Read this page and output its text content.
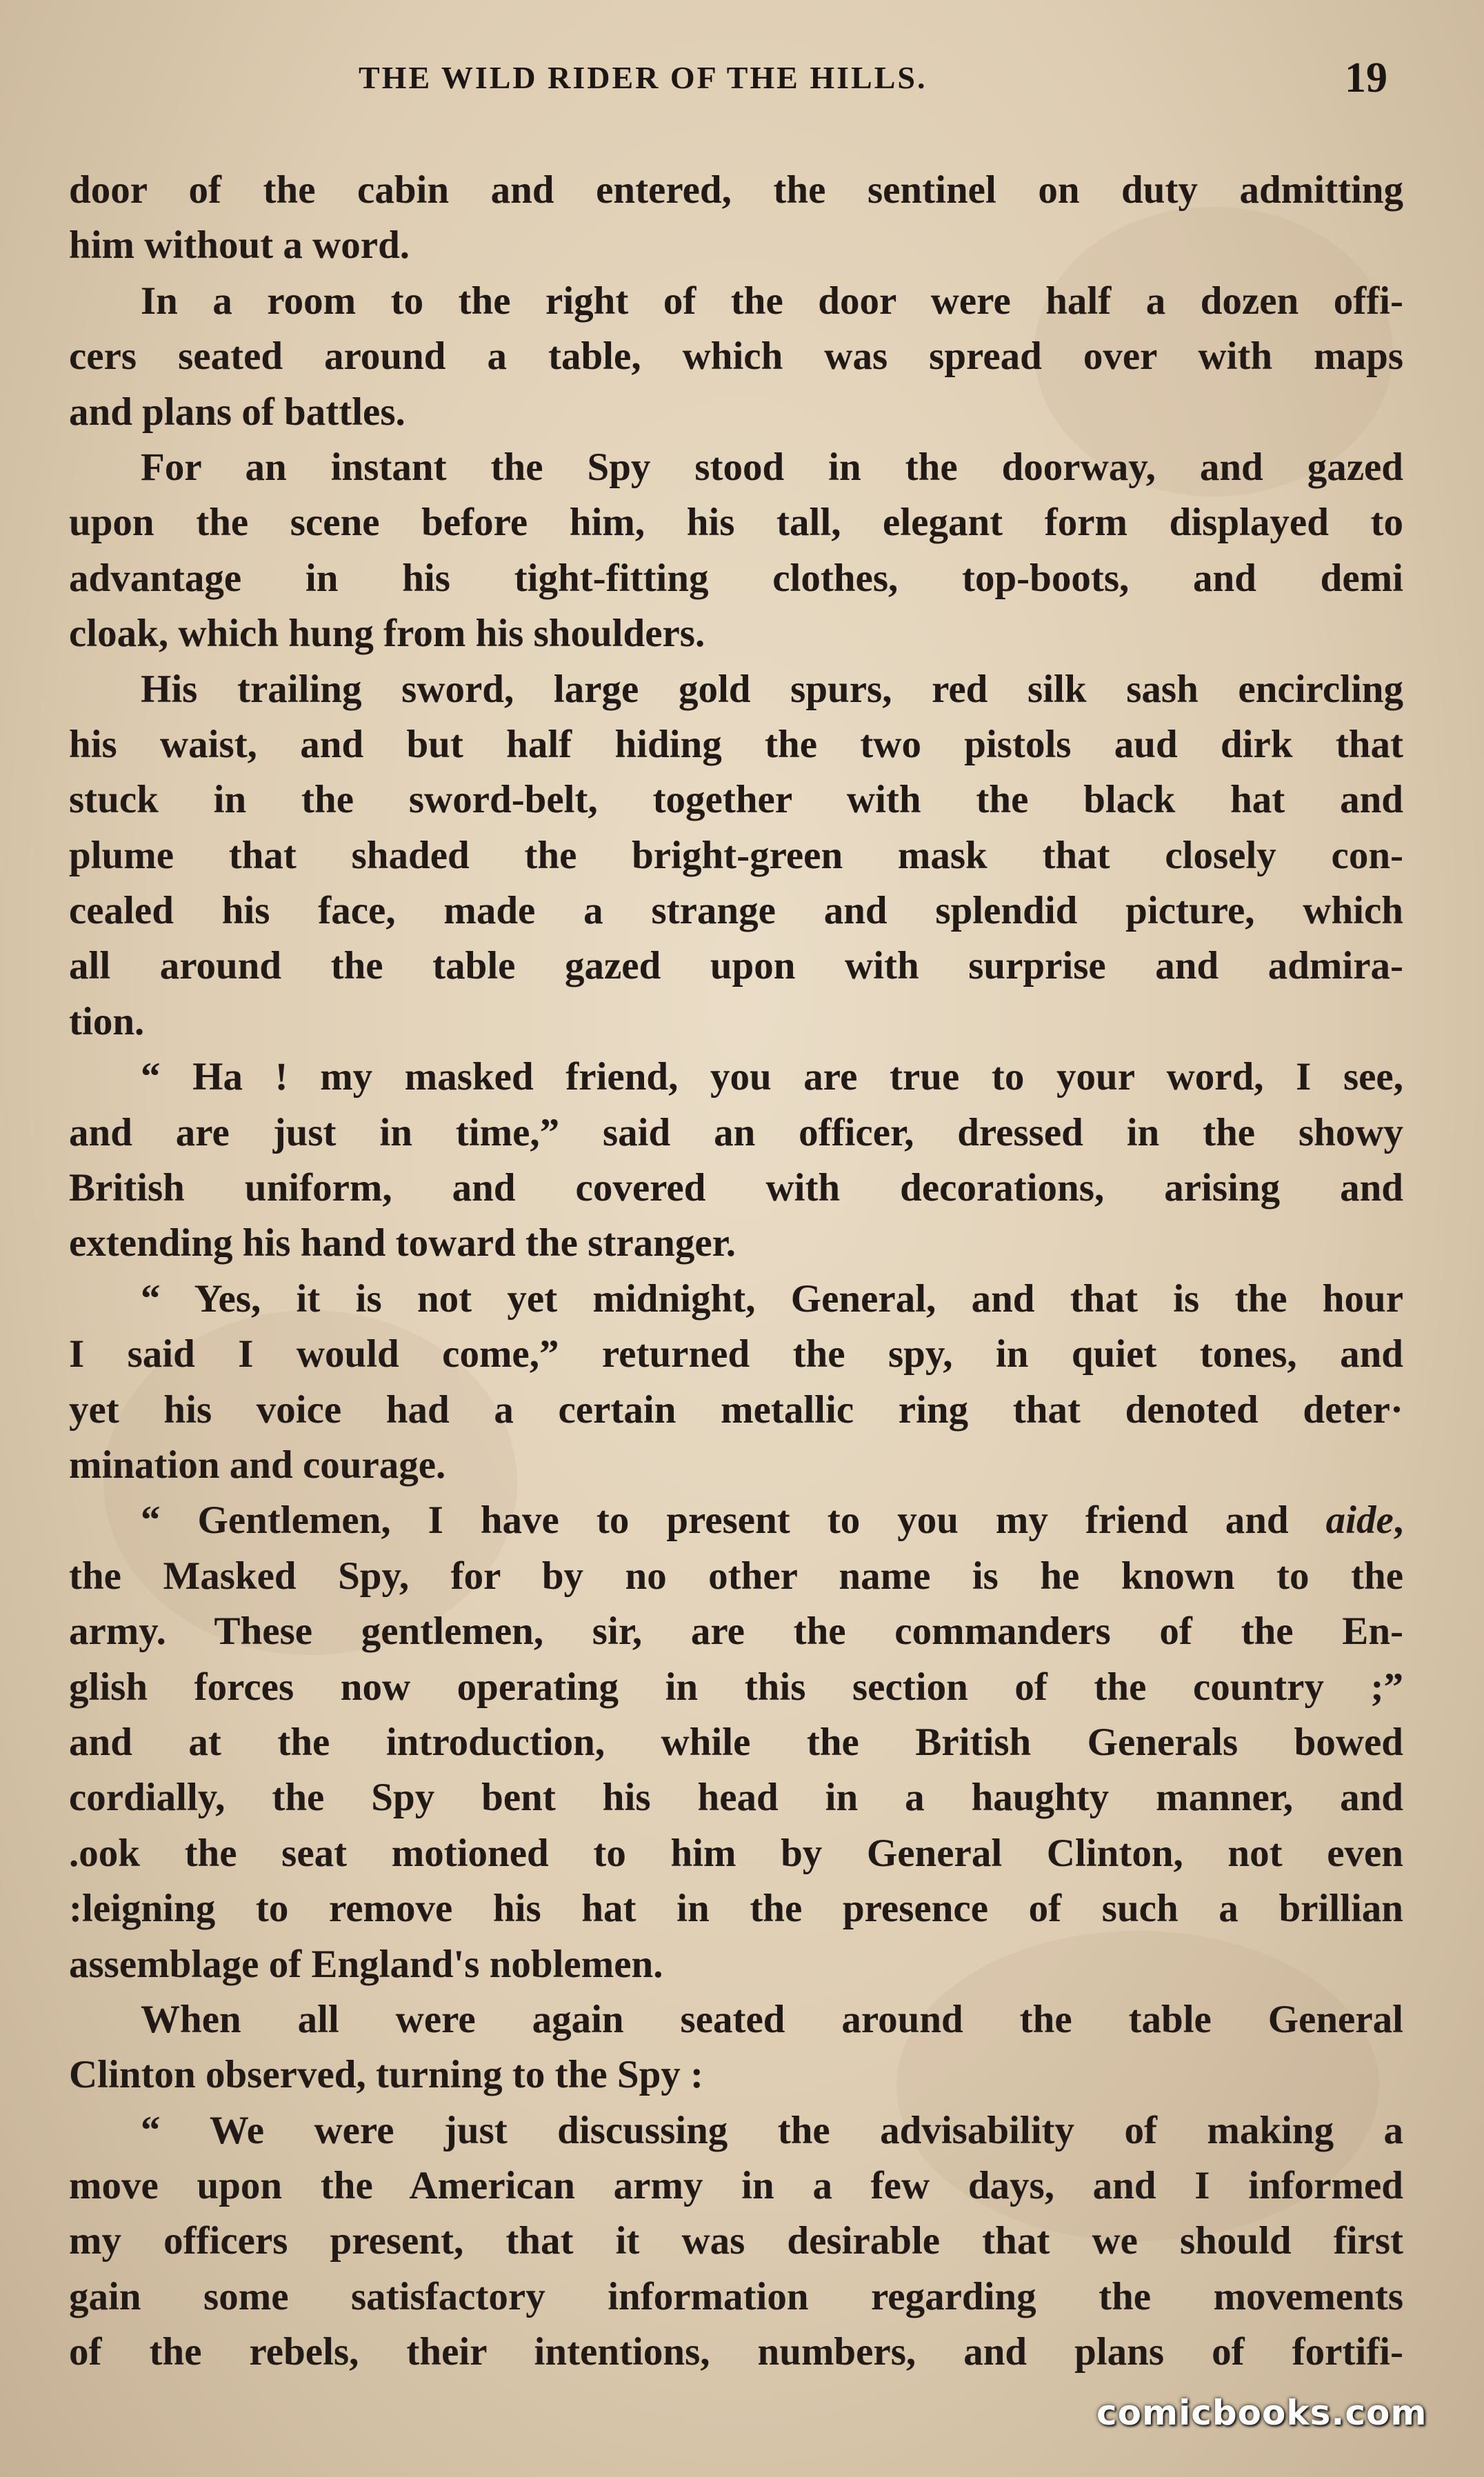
THE WILD RIDER OF THE HILLS.	19
door of the cabin and entered, the sentinel on duty admitting
him without a word.
In a room to the right of the door were half a dozen offi-
cers seated around a table, which was spread over with maps
and plans of battles.
For an instant the Spy stood in the doorway, and gazed
upon the scene before him, his tall, elegant form displayed to
advantage in his tight-fitting clothes, top-boots, and demi
cloak, which hung from his shoulders.
His trailing sword, large gold spurs, red silk sash encircling
his waist, and but half hiding the two pistols aud dirk that
stuck in the sword-belt, together with the black hat and
plume that shaded the bright-green mask that closely con-
cealed his face, made a strange and splendid picture, which
all around the table gazed upon with surprise and admira-
tion.
“ Ha ! my masked friend, you are true to your word, I see,
and are just in time,” said an officer, dressed in the showy
British uniform, and covered with decorations, arising and
extending his hand toward the stranger.
“ Yes, it is not yet midnight, General, and that is the hour
I said I would come,” returned the spy, in quiet tones, and
yet his voice had a certain metallic ring that denoted deter·
mination and courage.
“ Gentlemen, I have to present to you my friend and aide,
the Masked Spy, for by no other name is he known to the
army. These gentlemen, sir, are the commanders of the En-
glish forces now operating in this section of the country ;”
and at the introduction, while the British Generals bowed
cordially, the Spy bent his head in a haughty manner, and
.ook the seat motioned to him by General Clinton, not even
:leigning to remove his hat in the presence of such a brillian
assemblage of England's noblemen.
When all were again seated around the table General
Clinton observed, turning to the Spy :
“ We were just discussing the advisability of making a
move upon the American army in a few days, and I informed
my officers present, that it was desirable that we should first
gain some satisfactory information regarding the movements
of the rebels, their intentions, numbers, and plans of fortifi-
comicbooks.com
